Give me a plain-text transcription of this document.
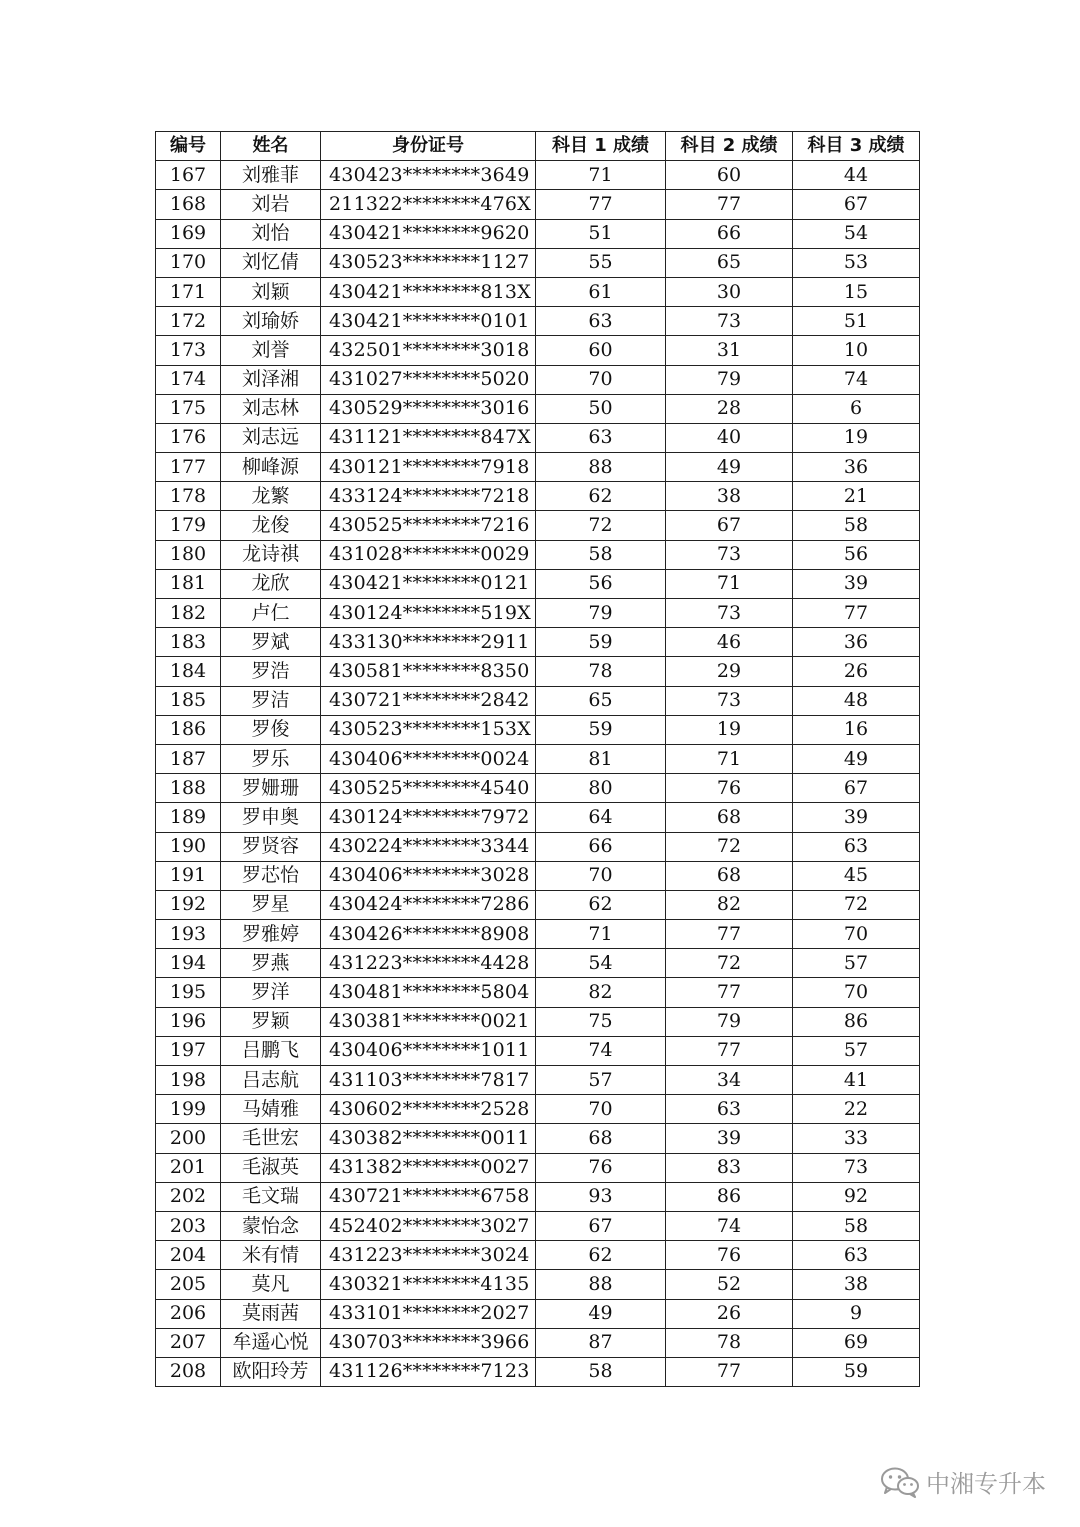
编号	姓名	身份证号	科目 1 成绩	科目 2 成绩	科目 3 成绩
167	刘雅菲	430423********3649	71	60	44
168	刘岩	211322********476X	77	77	67
169	刘怡	430421********9620	51	66	54
170	刘忆倩	430523********1127	55	65	53
171	刘颖	430421********813X	61	30	15
172	刘瑜娇	430421********0101	63	73	51
173	刘誉	432501********3018	60	31	10
174	刘泽湘	431027********5020	70	79	74
175	刘志林	430529********3016	50	28	6
176	刘志远	431121********847X	63	40	19
177	柳峰源	430121********7918	88	49	36
178	龙繁	433124********7218	62	38	21
179	龙俊	430525********7216	72	67	58
180	龙诗祺	431028********0029	58	73	56
181	龙欣	430421********0121	56	71	39
182	卢仁	430124********519X	79	73	77
183	罗斌	433130********2911	59	46	36
184	罗浩	430581********8350	78	29	26
185	罗洁	430721********2842	65	73	48
186	罗俊	430523********153X	59	19	16
187	罗乐	430406********0024	81	71	49
188	罗姗珊	430525********4540	80	76	67
189	罗申奥	430124********7972	64	68	39
190	罗贤容	430224********3344	66	72	63
191	罗芯怡	430406********3028	70	68	45
192	罗星	430424********7286	62	82	72
193	罗雅婷	430426********8908	71	77	70
194	罗燕	431223********4428	54	72	57
195	罗洋	430481********5804	82	77	70
196	罗颖	430381********0021	75	79	86
197	吕鹏飞	430406********1011	74	77	57
198	吕志航	431103********7817	57	34	41
199	马婧雅	430602********2528	70	63	22
200	毛世宏	430382********0011	68	39	33
201	毛淑英	431382********0027	76	83	73
202	毛文瑞	430721********6758	93	86	92
203	蒙怡念	452402********3027	67	74	58
204	米有情	431223********3024	62	76	63
205	莫凡	430321********4135	88	52	38
206	莫雨茜	433101********2027	49	26	9
207	牟遥心悦	430703********3966	87	78	69
208	欧阳玲芳	431126********7123	58	77	59
中湘专升本
